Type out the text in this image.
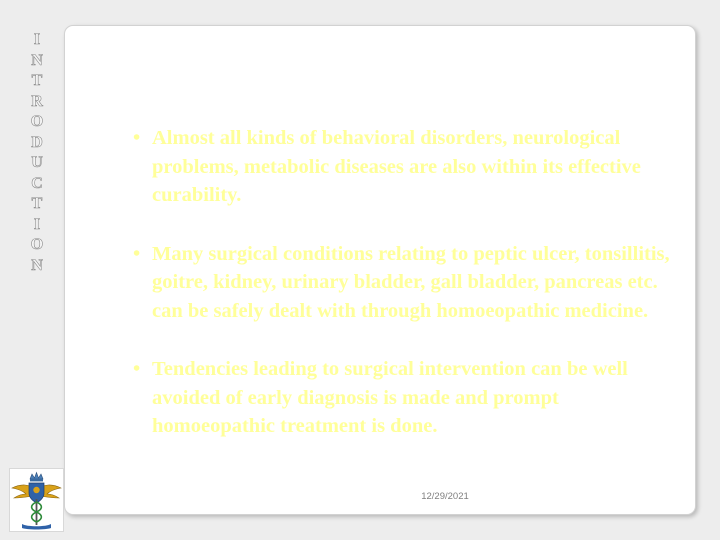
I
N
T
R
O
D
U
C
T
I
O
N
• Almost all kinds of behavioral disorders, neurological problems, metabolic diseases are also within its effective curability.
• Many surgical conditions relating to peptic ulcer, tonsillitis, goitre, kidney, urinary bladder, gall bladder, pancreas etc. can be safely dealt with through homoeopathic medicine.
• Tendencies leading to surgical intervention can be well avoided of early diagnosis is made and prompt homoeopathic treatment is done.
12/29/2021
